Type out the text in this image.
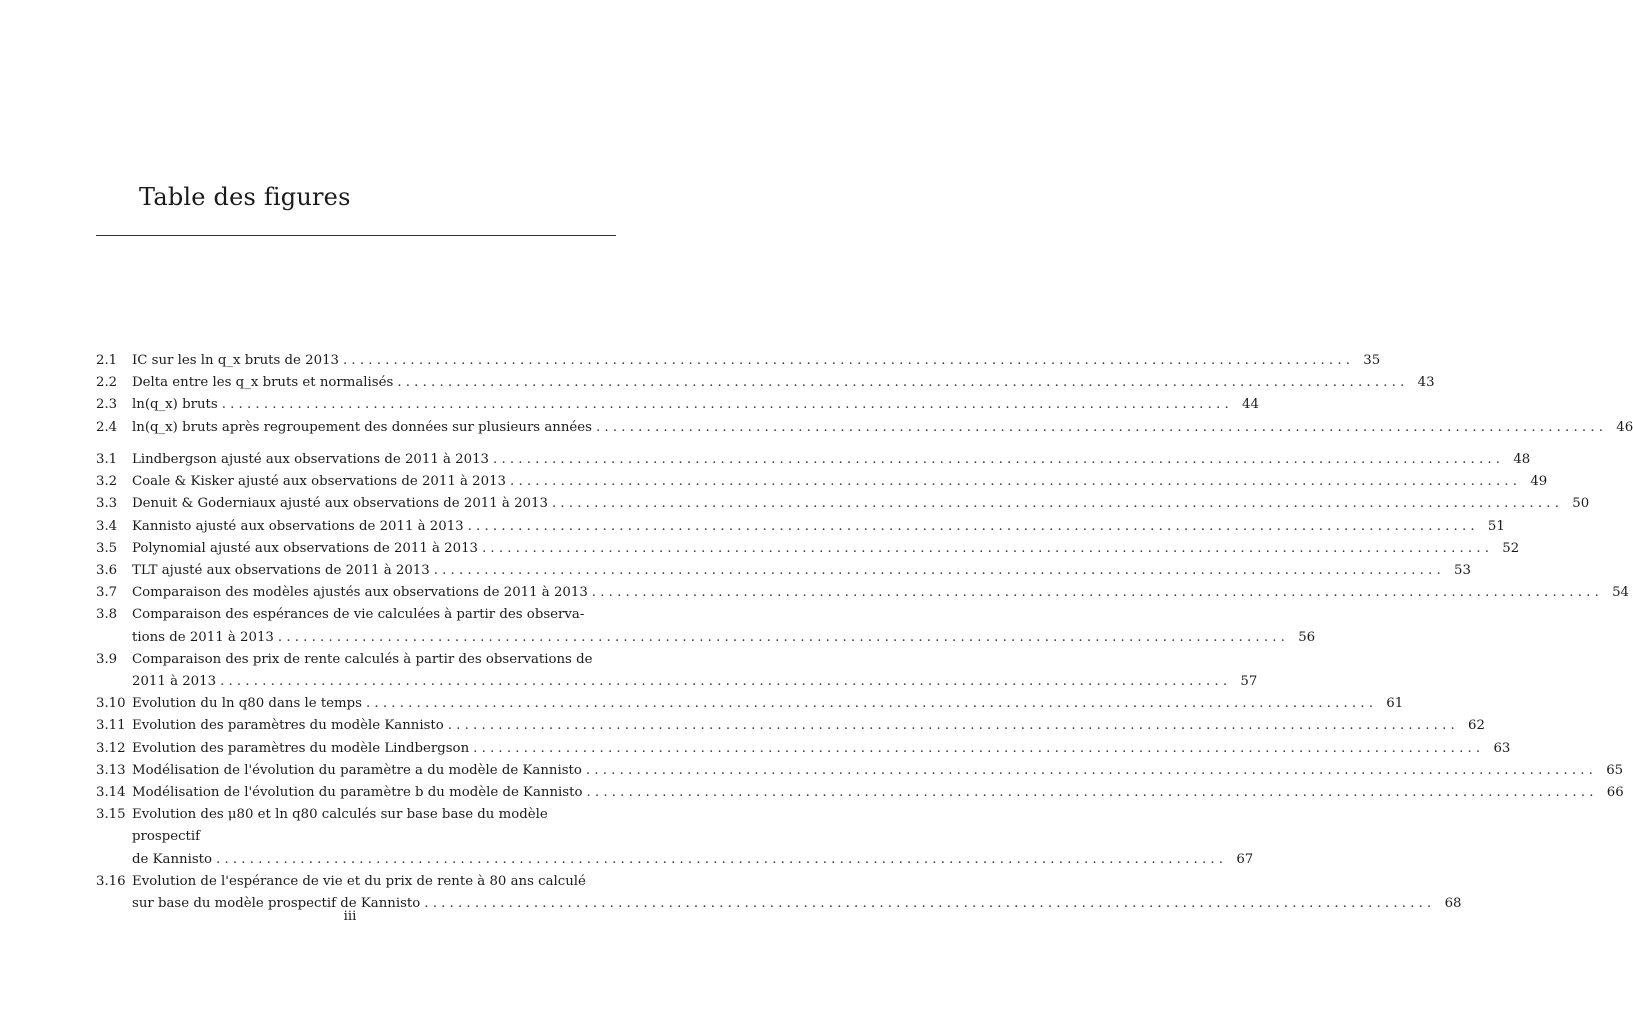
Table des figures
2.1	IC sur les ln q_x bruts de 2013 ........................................................................................................................ 35
2.2	Delta entre les q_x bruts et normalisés ........................................................................................................................ 43
2.3	ln(q_x) bruts ........................................................................................................................ 44
2.4	ln(q_x) bruts après regroupement des données sur plusieurs années ........................................................................................................................ 46
3.1	Lindbergson ajusté aux observations de 2011 à 2013 ........................................................................................................................ 48
3.2	Coale & Kisker ajusté aux observations de 2011 à 2013 ........................................................................................................................ 49
3.3	Denuit & Goderniaux ajusté aux observations de 2011 à 2013 ........................................................................................................................ 50
3.4	Kannisto ajusté aux observations de 2011 à 2013 ........................................................................................................................ 51
3.5	Polynomial ajusté aux observations de 2011 à 2013 ........................................................................................................................ 52
3.6	TLT ajusté aux observations de 2011 à 2013 ........................................................................................................................ 53
3.7	Comparaison des modèles ajustés aux observations de 2011 à 2013 ........................................................................................................................ 54
3.8	Comparaison des espérances de vie calculées à partir des observa-
tions de 2011 à 2013 ........................................................................................................................ 56
3.9	Comparaison des prix de rente calculés à partir des observations de
2011 à 2013 ........................................................................................................................ 57
3.10 Evolution du ln q80 dans le temps ........................................................................................................................ 61
3.11 Evolution des paramètres du modèle Kannisto ........................................................................................................................ 62
3.12 Evolution des paramètres du modèle Lindbergson ........................................................................................................................ 63
3.13 Modélisation de l'évolution du paramètre a du modèle de Kannisto ........................................................................................................................ 65
3.14 Modélisation de l'évolution du paramètre b du modèle de Kannisto ........................................................................................................................ 66
3.15 Evolution des μ80 et ln q80 calculés sur base base du modèle prospectif
de Kannisto ........................................................................................................................ 67
3.16 Evolution de l'espérance de vie et du prix de rente à 80 ans calculé
sur base du modèle prospectif de Kannisto ........................................................................................................................ 68
iii
